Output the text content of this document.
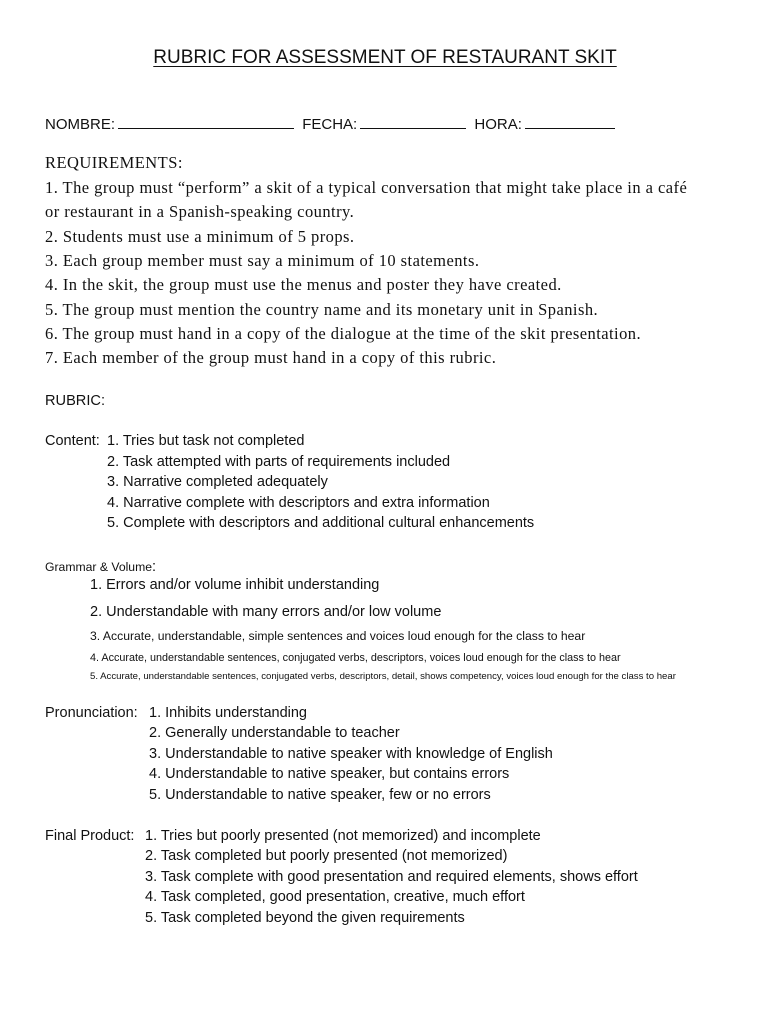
RUBRIC FOR ASSESSMENT OF RESTAURANT SKIT
NOMBRE:	FECHA:	HORA:
REQUIREMENTS:
1. The group must “perform” a skit of a typical conversation that might take place in a café
or restaurant in a Spanish-speaking country.
2. Students must use a minimum of 5 props.
3. Each group member must say a minimum of 10 statements.
4. In the skit, the group must use the menus and poster they have created.
5. The group must mention the country name and its monetary unit in Spanish.
6. The group must hand in a copy of the dialogue at the time of the skit presentation.
7. Each member of the group must hand in a copy of this rubric.
RUBRIC:
Content: 1. Tries but task not completed
2. Task attempted with parts of requirements included
3. Narrative completed adequately
4. Narrative complete with descriptors and extra information
5. Complete with descriptors and additional cultural enhancements
Grammar & Volume:
1. Errors and/or volume inhibit understanding
2. Understandable with many errors and/or low volume
3. Accurate, understandable, simple sentences and voices loud enough for the class to hear
4. Accurate, understandable sentences, conjugated verbs, descriptors, voices loud enough for the class to hear
5. Accurate, understandable sentences, conjugated verbs, descriptors, detail, shows competency, voices loud enough for the class to hear
Pronunciation: 1. Inhibits understanding
2. Generally understandable to teacher
3. Understandable to native speaker with knowledge of English
4. Understandable to native speaker, but contains errors
5. Understandable to native speaker, few or no errors
Final Product: 1. Tries but poorly presented (not memorized) and incomplete
2. Task completed but poorly presented (not memorized)
3. Task complete with good presentation and required elements, shows effort
4. Task completed, good presentation, creative, much effort
5. Task completed beyond the given requirements
